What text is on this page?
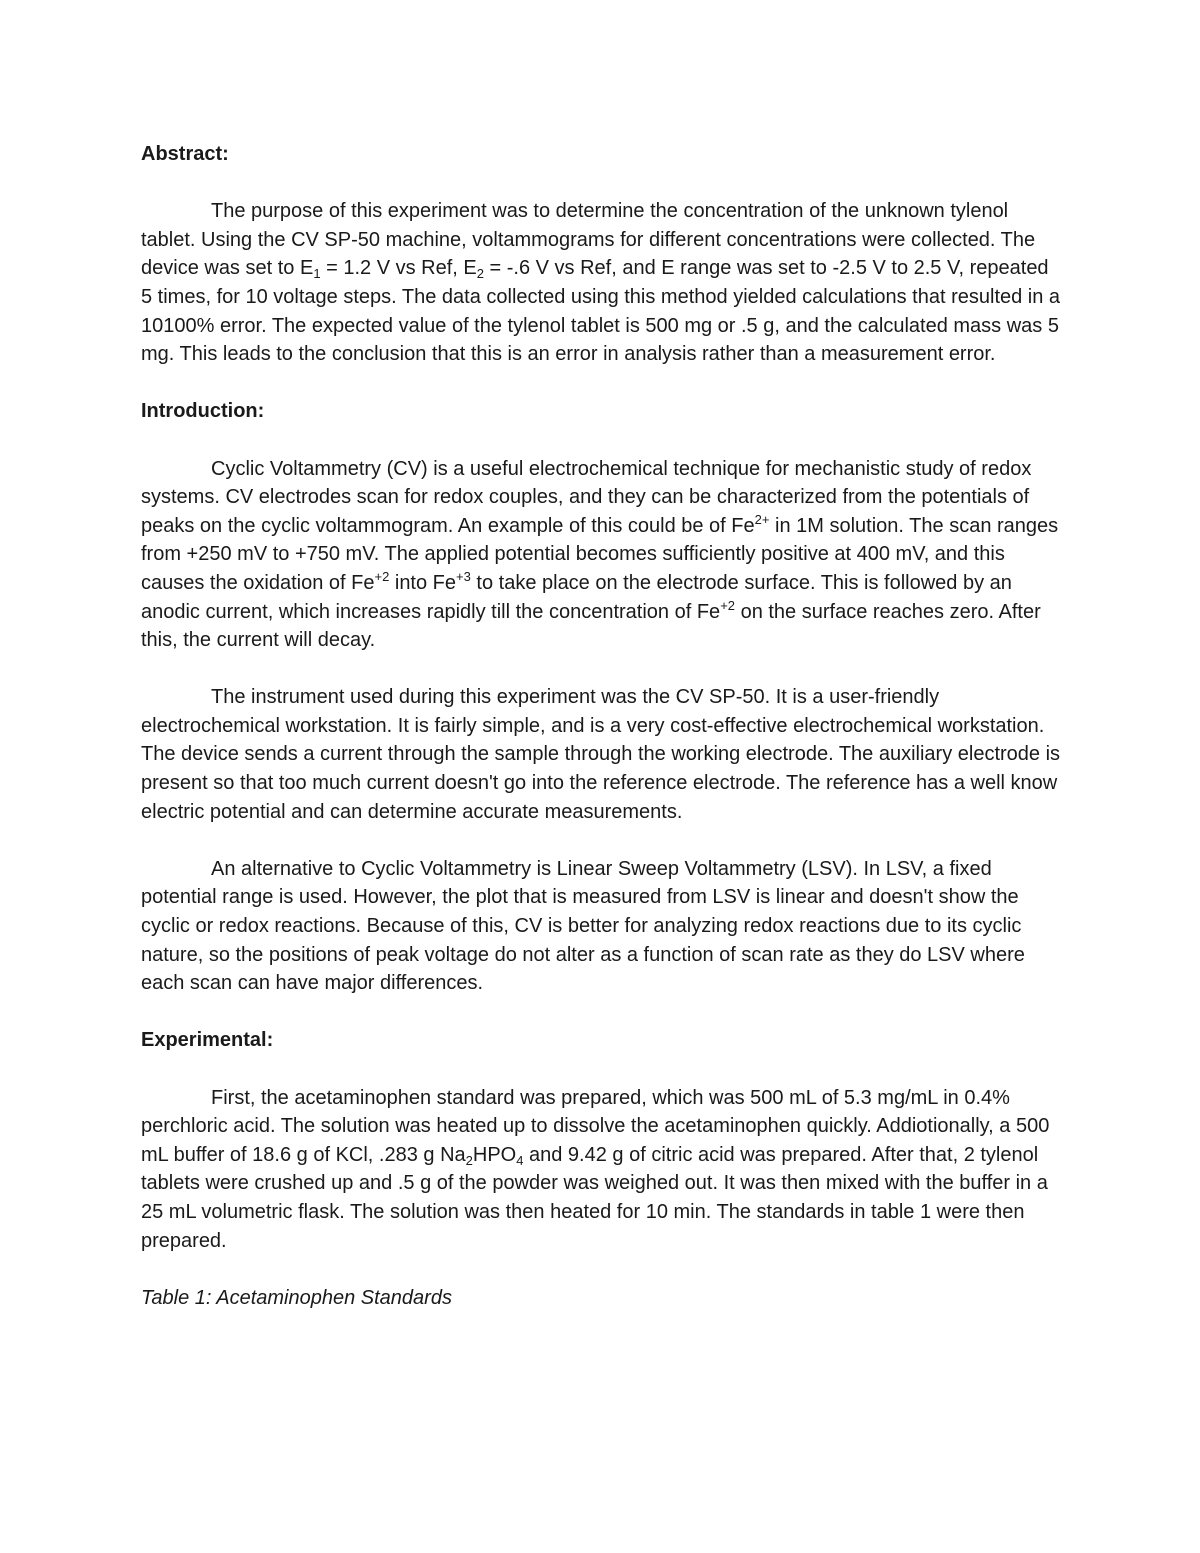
Abstract:

The purpose of this experiment was to determine the concentration of the unknown tylenol tablet. Using the CV SP-50 machine, voltammograms for different concentrations were collected. The device was set to $E_1 = 1.2$ V vs Ref, $E_2 = -.6$ V vs Ref, and E range was set to -2.5 V to 2.5 V, repeated 5 times, for 10 voltage steps. The data collected using this method yielded calculations that resulted in a 10100% error. The expected value of the tylenol tablet is 500 mg or .5 g, and the calculated mass was 5 mg. This leads to the conclusion that this is an error in analysis rather than a measurement error.

Introduction:

Cyclic Voltammetry (CV) is a useful electrochemical technique for mechanistic study of redox systems. CV electrodes scan for redox couples, and they can be characterized from the potentials of peaks on the cyclic voltammogram. An example of this could be of $Fe^{2+}$ in 1M solution. The scan ranges from +250 mV to +750 mV. The applied potential becomes sufficiently positive at 400 mV, and this causes the oxidation of $Fe^{+2}$ into $Fe^{+3}$ to take place on the electrode surface. This is followed by an anodic current, which increases rapidly till the concentration of $Fe^{+2}$ on the surface reaches zero. After this, the current will decay.

The instrument used during this experiment was the CV SP-50. It is a user-friendly electrochemical workstation. It is fairly simple, and is a very cost-effective electrochemical workstation. The device sends a current through the sample through the working electrode. The auxiliary electrode is present so that too much current doesn't go into the reference electrode. The reference has a well know electric potential and can determine accurate measurements.

An alternative to Cyclic Voltammetry is Linear Sweep Voltammetry (LSV). In LSV, a fixed potential range is used. However, the plot that is measured from LSV is linear and doesn't show the cyclic or redox reactions. Because of this, CV is better for analyzing redox reactions due to its cyclic nature, so the positions of peak voltage do not alter as a function of scan rate as they do LSV where each scan can have major differences.

Experimental:

First, the acetaminophen standard was prepared, which was 500 mL of 5.3 mg/mL in 0.4% perchloric acid. The solution was heated up to dissolve the acetaminophen quickly. Addiotionally, a 500 mL buffer of 18.6 g of KCl, .283 g $Na_2HPO_4$ and 9.42 g of citric acid was prepared. After that, 2 tylenol tablets were crushed up and .5 g of the powder was weighed out. It was then mixed with the buffer in a 25 mL volumetric flask. The solution was then heated for 10 min. The standards in table 1 were then prepared.

Table 1: Acetaminophen Standards
